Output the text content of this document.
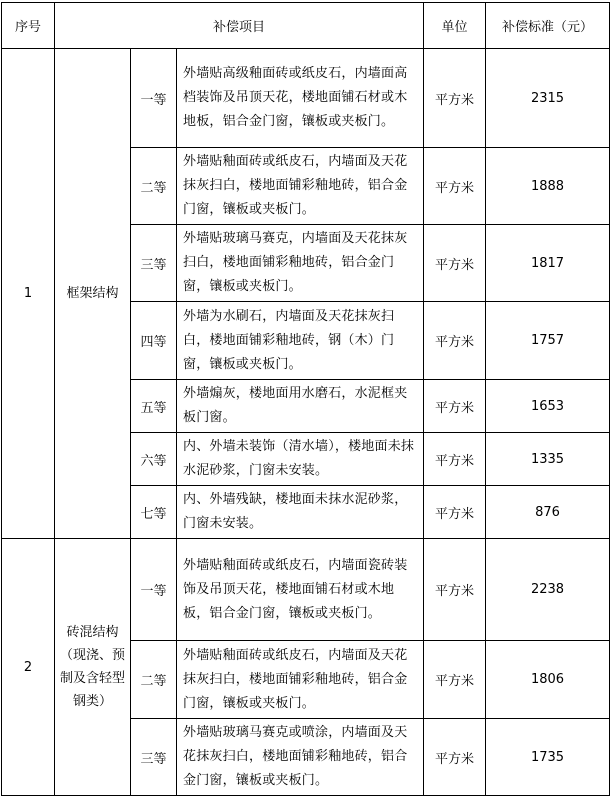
序号	补偿项目			单位	补偿标准（元）
1	框架结构	一等	外墙贴高级釉面砖或纸皮石，内墙面高档装饰及吊顶天花，楼地面铺石材或木地板，铝合金门窗，镶板或夹板门。	平方米	2315
		二等	外墙贴釉面砖或纸皮石，内墙面及天花抹灰扫白，楼地面铺彩釉地砖，铝合金门窗，镶板或夹板门。	平方米	1888
		三等	外墙贴玻璃马赛克，内墙面及天花抹灰扫白，楼地面铺彩釉地砖，铝合金门窗，镶板或夹板门。	平方米	1817
		四等	外墙为水刷石，内墙面及天花抹灰扫白，楼地面铺彩釉地砖，钢（木）门窗，镶板或夹板门。	平方米	1757
		五等	外墙煽灰，楼地面用水磨石，水泥框夹板门窗。	平方米	1653
		六等	内、外墙未装饰（清水墙），楼地面未抹水泥砂浆，门窗未安装。	平方米	1335
		七等	内、外墙残缺，楼地面未抹水泥砂浆，门窗未安装。	平方米	876
2	砖混结构（现浇、预制及含轻型钢类）	一等	外墙贴釉面砖或纸皮石，内墙面瓷砖装饰及吊顶天花，楼地面铺石材或木地板，铝合金门窗，镶板或夹板门。	平方米	2238
		二等	外墙贴釉面砖或纸皮石，内墙面及天花抹灰扫白，楼地面铺彩釉地砖，铝合金门窗，镶板或夹板门。	平方米	1806
		三等	外墙贴玻璃马赛克或喷涂，内墙面及天花抹灰扫白，楼地面铺彩釉地砖，铝合金门窗，镶板或夹板门。	平方米	1735
